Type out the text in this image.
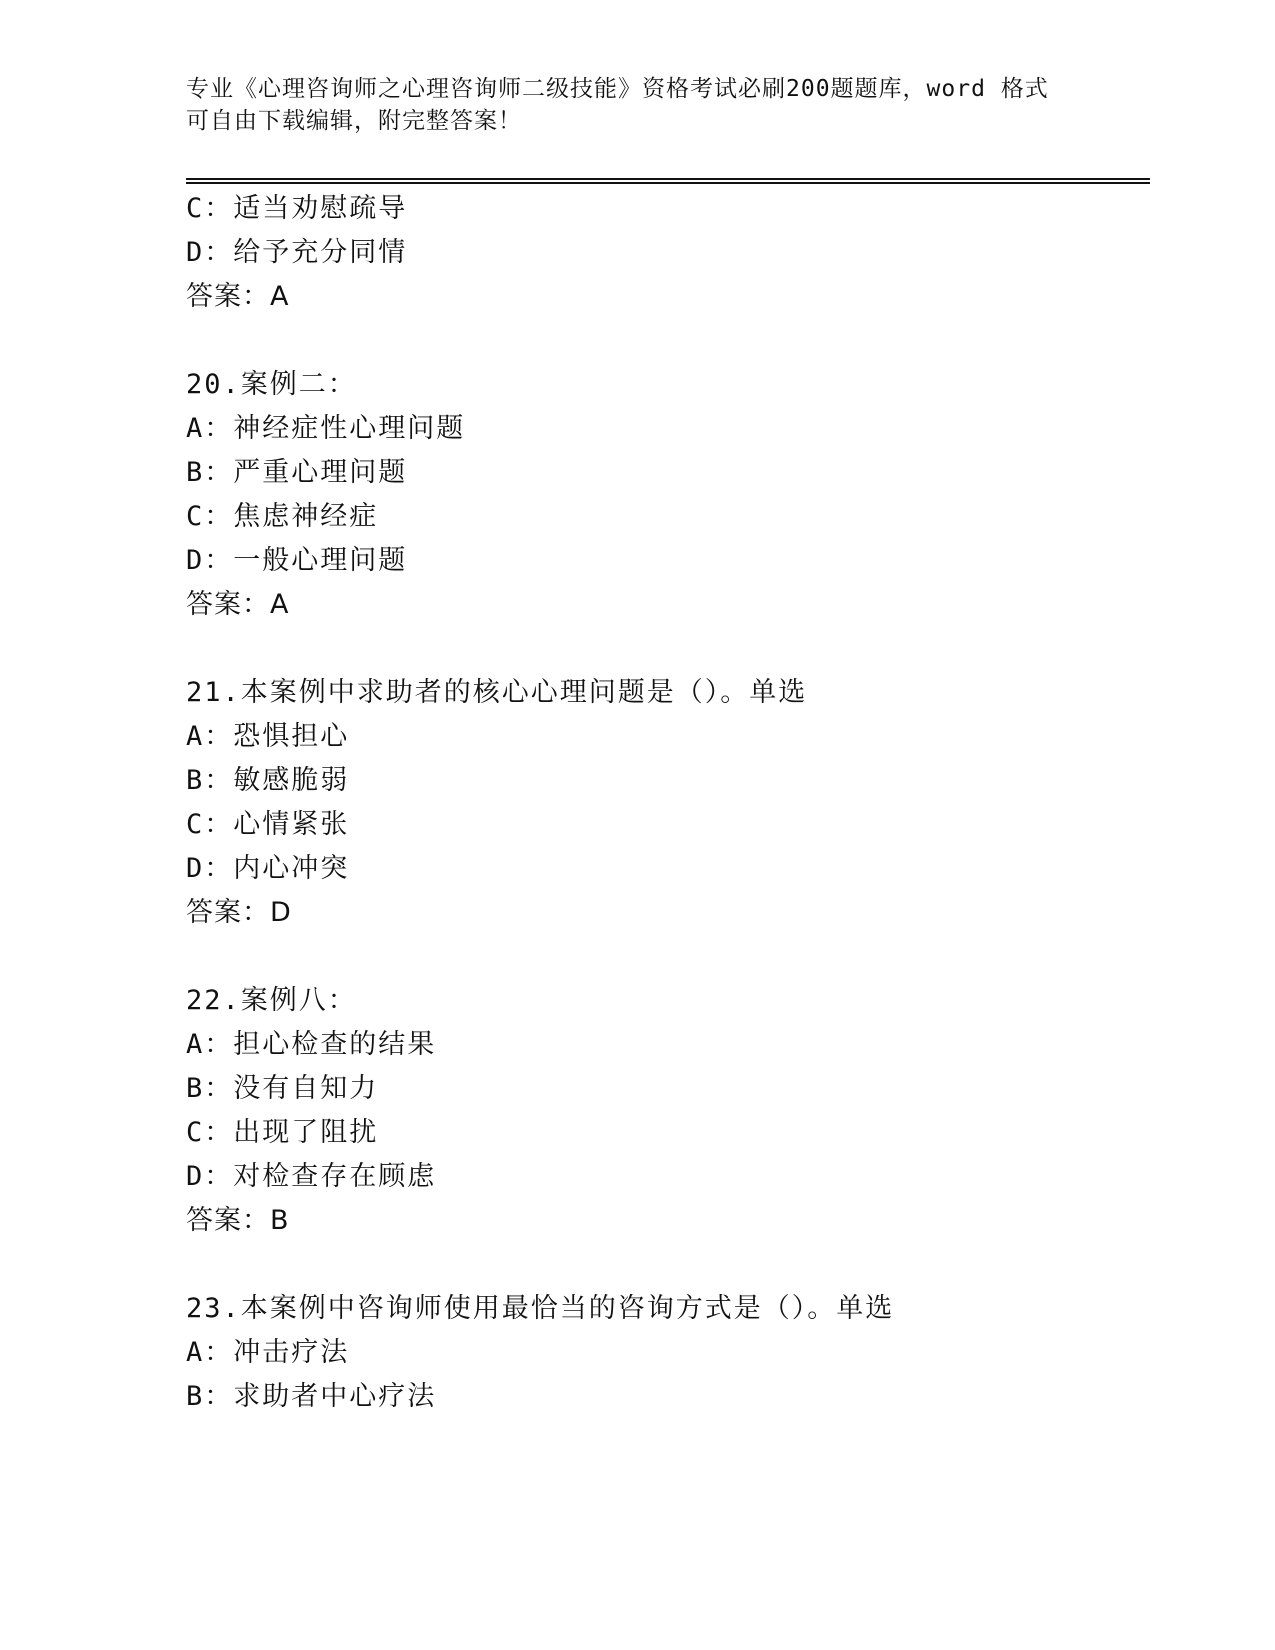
专业《心理咨询师之心理咨询师二级技能》资格考试必刷200题题库，word 格式
可自由下载编辑，附完整答案！
C：适当劝慰疏导
D：给予充分同情
答案：A
20.案例二：
A：神经症性心理问题
B：严重心理问题
C：焦虑神经症
D：一般心理问题
答案：A
21.本案例中求助者的核心心理问题是（）。单选
A：恐惧担心
B：敏感脆弱
C：心情紧张
D：内心冲突
答案：D
22.案例八：
A：担心检查的结果
B：没有自知力
C：出现了阻扰
D：对检查存在顾虑
答案：B
23.本案例中咨询师使用最恰当的咨询方式是（）。单选
A：冲击疗法
B：求助者中心疗法
